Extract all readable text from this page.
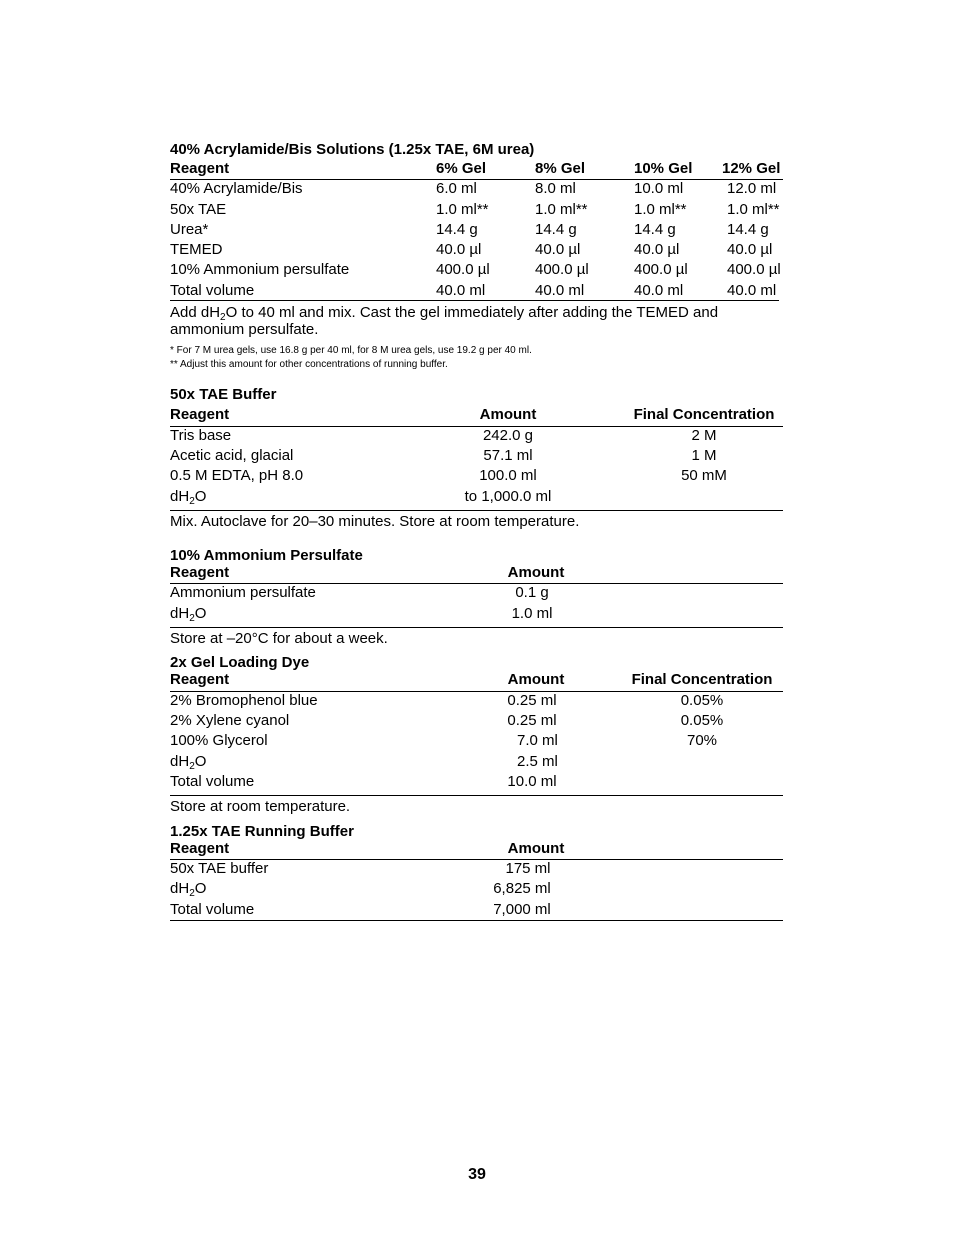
40% Acrylamide/Bis Solutions (1.25x TAE, 6M urea)
Reagent	6% Gel	8% Gel	10% Gel 12% Gel
40% Acrylamide/Bis	6.0 ml	8.0 ml	10.0 ml	12.0 ml
50x TAE	1.0 ml**	1.0 ml**	1.0 ml**	1.0 ml**
Urea*	14.4 g	14.4 g	14.4 g	14.4 g
TEMED	40.0 µl	40.0 µl	40.0 µl	40.0 µl
10% Ammonium persulfate	400.0 µl	400.0 µl	400.0 µl	400.0 µl
Total volume	40.0 ml	40.0 ml	40.0 ml	40.0 ml
Add $dH_2O$ to 40 ml and mix. Cast the gel immediately after adding the TEMED and ammonium persulfate.
* For 7 M urea gels, use 16.8 g per 40 ml, for 8 M urea gels, use 19.2 g per 40 ml.
** Adjust this amount for other concentrations of running buffer.
50x TAE Buffer
Reagent	Amount	Final Concentration
Tris base	242.0 g	2 M
Acetic acid, glacial	57.1 ml	1 M
0.5 M EDTA, pH 8.0	100.0 ml	50 mM
$dH_2O$	to 1,000.0 ml
Mix. Autoclave for 20–30 minutes. Store at room temperature.
10% Ammonium Persulfate
Reagent	Amount
Ammonium persulfate	0.1 g
$dH_2O$	1.0 ml
Store at –20°C for about a week.
2x Gel Loading Dye
Reagent	Amount	Final Concentration
2% Bromophenol blue	0.25 ml	0.05%
2% Xylene cyanol	0.25 ml	0.05%
100% Glycerol	7.0 ml	70%
$dH_2O$	2.5 ml
Total volume	10.0 ml
Store at room temperature.
1.25x TAE Running Buffer
Reagent	Amount
50x TAE buffer	175 ml
$dH_2O$	6,825 ml
Total volume	7,000 ml
39
